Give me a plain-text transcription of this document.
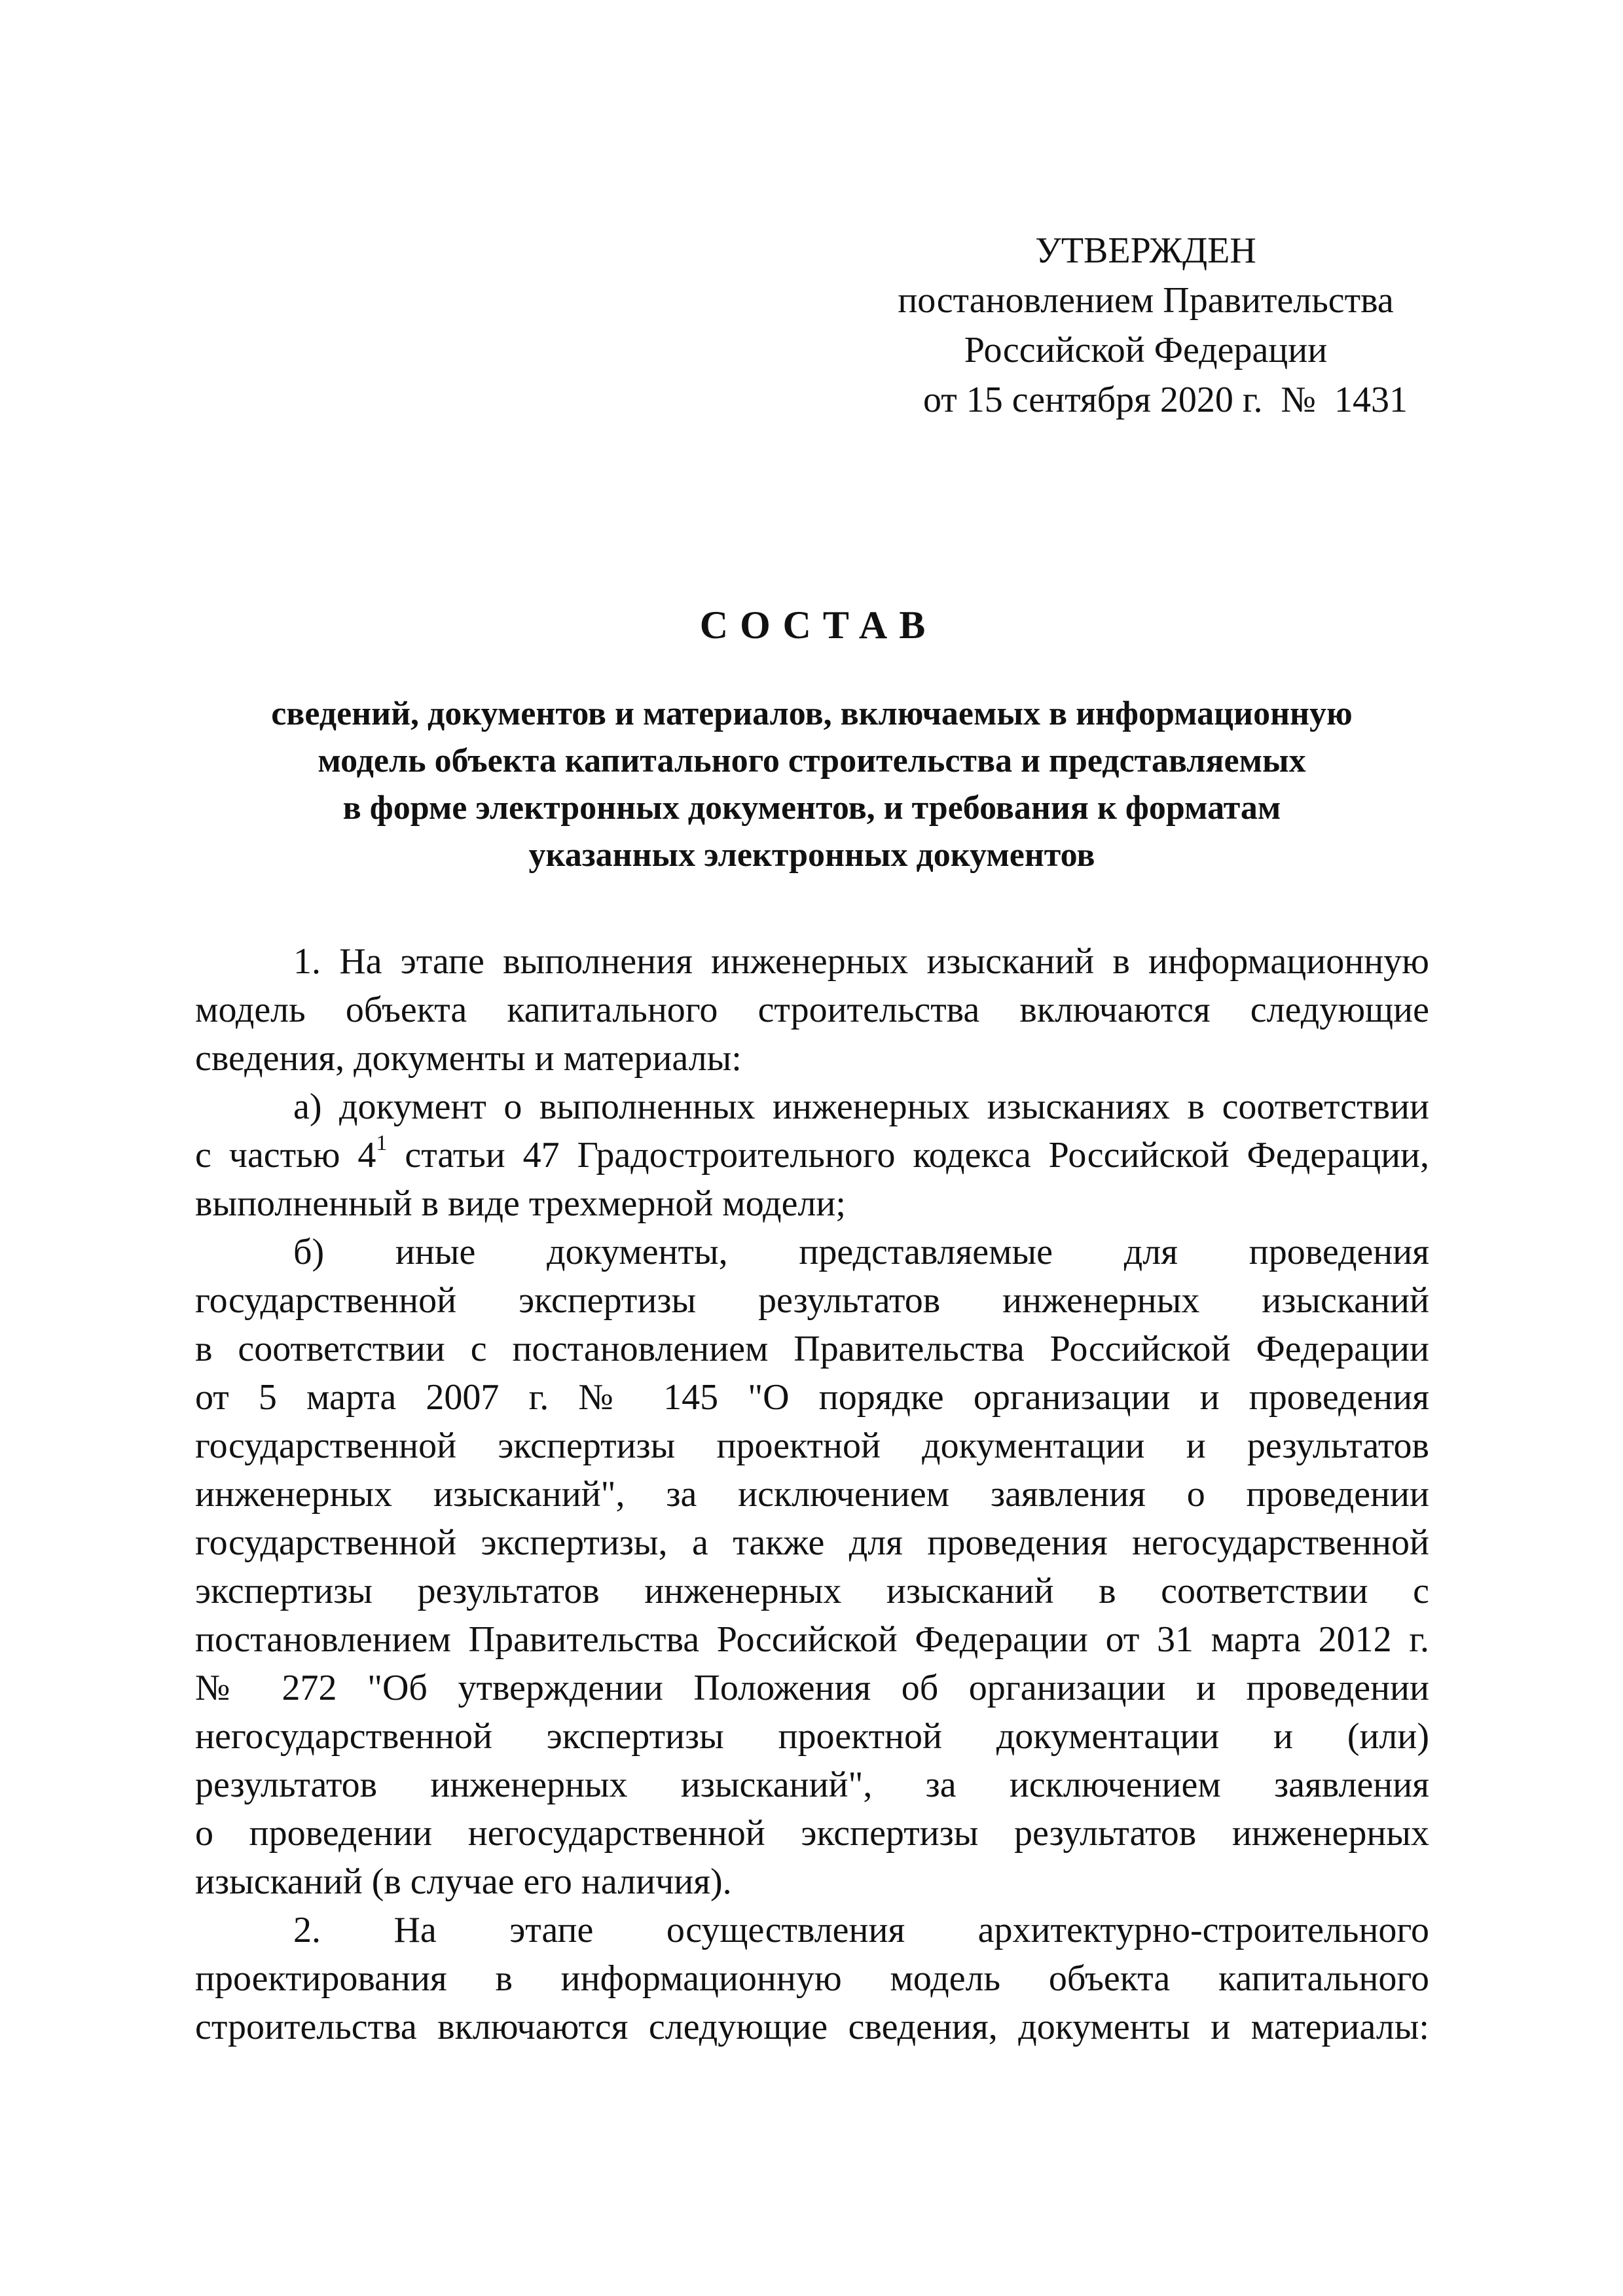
УТВЕРЖДЕН
постановлением Правительства
Российской Федерации
от 15 сентября 2020 г. № 1431
СОСТАВ
сведений, документов и материалов, включаемых в информационную
модель объекта капитального строительства и представляемых
в форме электронных документов, и требования к форматам
указанных электронных документов
1. На этапе выполнения инженерных изысканий в информационную
модель объекта капитального строительства включаются следующие
сведения, документы и материалы:
а) документ о выполненных инженерных изысканиях в соответствии
с частью $4^1$ статьи 47 Градостроительного кодекса Российской Федерации,
выполненный в виде трехмерной модели;
б) иные документы, представляемые для проведения
государственной экспертизы результатов инженерных изысканий
в соответствии с постановлением Правительства Российской Федерации
от 5 марта 2007 г. № 145 "О порядке организации и проведения
государственной экспертизы проектной документации и результатов
инженерных изысканий", за исключением заявления о проведении
государственной экспертизы, а также для проведения негосударственной
экспертизы результатов инженерных изысканий в соответствии с
постановлением Правительства Российской Федерации от 31 марта 2012 г.
№ 272 "Об утверждении Положения об организации и проведении
негосударственной экспертизы проектной документации и (или)
результатов инженерных изысканий", за исключением заявления
о проведении негосударственной экспертизы результатов инженерных
изысканий (в случае его наличия).
2. На этапе осуществления архитектурно-строительного
проектирования в информационную модель объекта капитального
строительства включаются следующие сведения, документы и материалы:
